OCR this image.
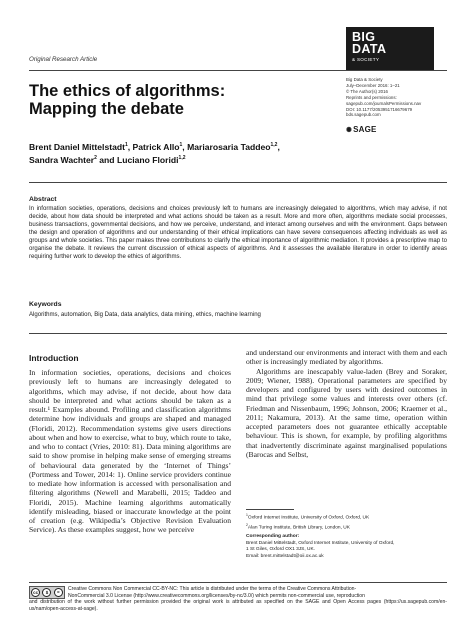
Original Research Article
BIG
DATA
& SOCIETY
Big Data & Society
July–December 2016: 1–21
© The Author(s) 2016
Reprints and permissions:
sagepub.com/journalsPermissions.nav
DOI: 10.1177/2053951716679679
bds.sagepub.com
✺SAGE
The ethics of algorithms:
Mapping the debate
Brent Daniel Mittelstadt$^1$, Patrick Allo$^1$, Mariarosaria Taddeo$^{1,2}$,
Sandra Wachter$^2$ and Luciano Floridi$^{1,2}$
Abstract
In information societies, operations, decisions and choices previously left to humans are increasingly delegated to algorithms, which may advise, if not decide, about how data should be interpreted and what actions should be taken as a result. More and more often, algorithms mediate social processes, business transactions, governmental decisions, and how we perceive, understand, and interact among ourselves and with the environment. Gaps between the design and operation of algorithms and our understanding of their ethical implications can have severe consequences affecting individuals as well as groups and whole societies. This paper makes three contributions to clarify the ethical importance of algorithmic mediation. It provides a prescriptive map to organise the debate. It reviews the current discussion of ethical aspects of algorithms. And it assesses the available literature in order to identify areas requiring further work to develop the ethics of algorithms.
Keywords
Algorithms, automation, Big Data, data analytics, data mining, ethics, machine learning
Introduction

In information societies, operations, decisions and choices previously left to humans are increasingly delegated to algorithms, which may advise, if not decide, about how data should be interpreted and what actions should be taken as a result.¹ Examples abound. Profiling and classification algorithms determine how individuals and groups are shaped and managed (Floridi, 2012). Recommendation systems give users directions about when and how to exercise, what to buy, which route to take, and who to contact (Vries, 2010: 81). Data mining algorithms are said to show promise in helping make sense of emerging streams of behavioural data generated by the ‘Internet of Things’ (Portmess and Tower, 2014: 1). Online service providers continue to mediate how information is accessed with personalisation and filtering algorithms (Newell and Marabelli, 2015; Taddeo and Floridi, 2015). Machine learning algorithms automatically identify misleading, biased or inaccurate knowledge at the point of creation (e.g. Wikipedia’s Objective Revision Evaluation Service). As these examples suggest, how we perceive

and understand our environments and interact with them and each other is increasingly mediated by algorithms.

Algorithms are inescapably value-laden (Brey and Soraker, 2009; Wiener, 1988). Operational parameters are specified by developers and configured by users with desired outcomes in mind that privilege some values and interests over others (cf. Friedman and Nissenbaum, 1996; Johnson, 2006; Kraemer et al., 2011; Nakamura, 2013). At the same time, operation within accepted parameters does not guarantee ethically acceptable behaviour. This is shown, for example, by profiling algorithms that inadvertently discriminate against marginalised populations (Barocas and Selbst,

$^1$Oxford Internet Institute, University of Oxford, Oxford, UK
$^2$Alan Turing Institute, British Library, London, UK
Corresponding author:
Brent Daniel Mittelstadt, Oxford Internet Institute, University of Oxford,
1 St Giles, Oxford OX1 3JS, UK.
Email: brent.mittelstadt@oii.ox.ac.uk
cc	$	=
Creative Commons Non Commercial CC-BY-NC: This article is distributed under the terms of the Creative Commons Attribution-
NonCommercial 3.0 License (http://www.creativecommons.org/licenses/by-nc/3.0/) which permits non-commercial use, reproduction
and distribution of the work without further permission provided the original work is attributed as specified on the SAGE and Open Access pages (https://us.sagepub.com/en-us/nam/open-access-at-sage).
